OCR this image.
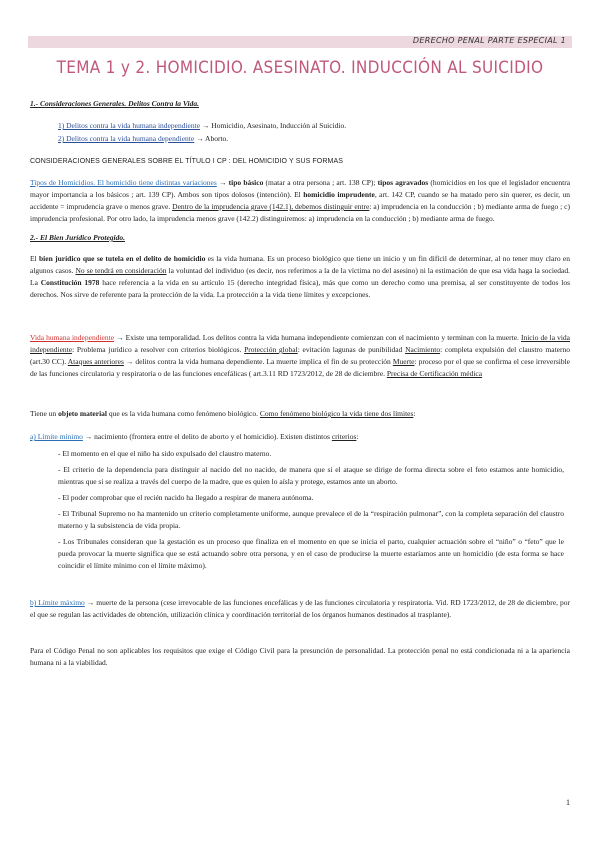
DERECHO PENAL PARTE ESPECIAL 1
TEMA 1 y 2. HOMICIDIO. ASESINATO. INDUCCIÓN AL SUICIDIO
1.- Consideraciones Generales. Delitos Contra la Vida.
1) Delitos contra la vida humana independiente → Homicidio, Asesinato, Inducción al Suicidio.
2) Delitos contra la vida humana dependiente → Aborto.
CONSIDERACIONES GENERALES SOBRE EL TÍTULO I CP : DEL HOMICIDIO Y SUS FORMAS
Tipos de Homicidios. El homicidio tiene distintas variaciones → tipo básico (matar a otra persona ; art. 138 CP); tipos agravados (homicidios en los que el legislador encuentra mayor importancia a los básicos ; art. 139 CP). Ambos son tipos dolosos (intención). El homicidio imprudente, art. 142 CP, cuando se ha matado pero sin querer, es decir, un accidente = imprudencia grave o menos grave. Dentro de la imprudencia grave (142.1), debemos distinguir entre: a) imprudencia en la conducción ; b) mediante arma de fuego ; c) imprudencia profesional. Por otro lado, la imprudencia menos grave (142.2) distinguiremos: a) imprudencia en la conducción ; b) mediante arma de fuego.
2.- El Bien Jurídico Protegido.
El bien jurídico que se tutela en el delito de homicidio es la vida humana. Es un proceso biológico que tiene un inicio y un fin difícil de determinar, al no tener muy claro en algunos casos. No se tendrá en consideración la voluntad del individuo (es decir, nos referimos a la de la víctima no del asesino) ni la estimación de que esa vida haga la sociedad. La Constitución 1978 hace referencia a la vida en su artículo 15 (derecho integridad física), más que como un derecho como una premisa, al ser constituyente de todos los derechos. Nos sirve de referente para la protección de la vida. La protección a la vida tiene límites y excepciones.
Vida humana independiente → Existe una temporalidad. Los delitos contra la vida humana independiente comienzan con el nacimiento y terminan con la muerte. Inicio de la vida independiente: Problema jurídico a resolver con criterios biológicos. Protección global: evitación lagunas de punibilidad Nacimiento: completa expulsión del claustro materno (art.30 CC). Ataques anteriores → delitos contra la vida humana dependiente. La muerte implica el fin de su protección Muerte: proceso por el que se confirma el cese irreversible de las funciones circulatoria y respiratoria o de las funciones encefálicas ( art.3.11 RD 1723/2012, de 28 de diciembre. Precisa de Certificación médica
Tiene un objeto material que es la vida humana como fenómeno biológico. Como fenómeno biológico la vida tiene dos límites:
a) Límite mínimo → nacimiento (frontera entre el delito de aborto y el homicidio). Existen distintos criterios:
- El momento en el que el niño ha sido expulsado del claustro materno.
- El criterio de la dependencia para distinguir al nacido del no nacido, de manera que si el ataque se dirige de forma directa sobre el feto estamos ante homicidio, mientras que si se realiza a través del cuerpo de la madre, que es quien lo aísla y protege, estamos ante un aborto.
- El poder comprobar que el recién nacido ha llegado a respirar de manera autónoma.
- El Tribunal Supremo no ha mantenido un criterio completamente uniforme, aunque prevalece el de la “respiración pulmonar”, con la completa separación del claustro materno y la subsistencia de vida propia.
- Los Tribunales consideran que la gestación es un proceso que finaliza en el momento en que se inicia el parto, cualquier actuación sobre el “niño” o “feto” que le pueda provocar la muerte significa que se está actuando sobre otra persona, y en el caso de producirse la muerte estaríamos ante un homicidio (de esta forma se hace coincidir el límite mínimo con el límite máximo).
b) Límite máximo → muerte de la persona (cese irrevocable de las funciones encefálicas y de las funciones circulatoria y respiratoria. Vid. RD 1723/2012, de 28 de diciembre, por el que se regulan las actividades de obtención, utilización clínica y coordinación territorial de los órganos humanos destinados al trasplante).
Para el Código Penal no son aplicables los requisitos que exige el Código Civil para la presunción de personalidad. La protección penal no está condicionada ni a la apariencia humana ni a la viabilidad.
1
